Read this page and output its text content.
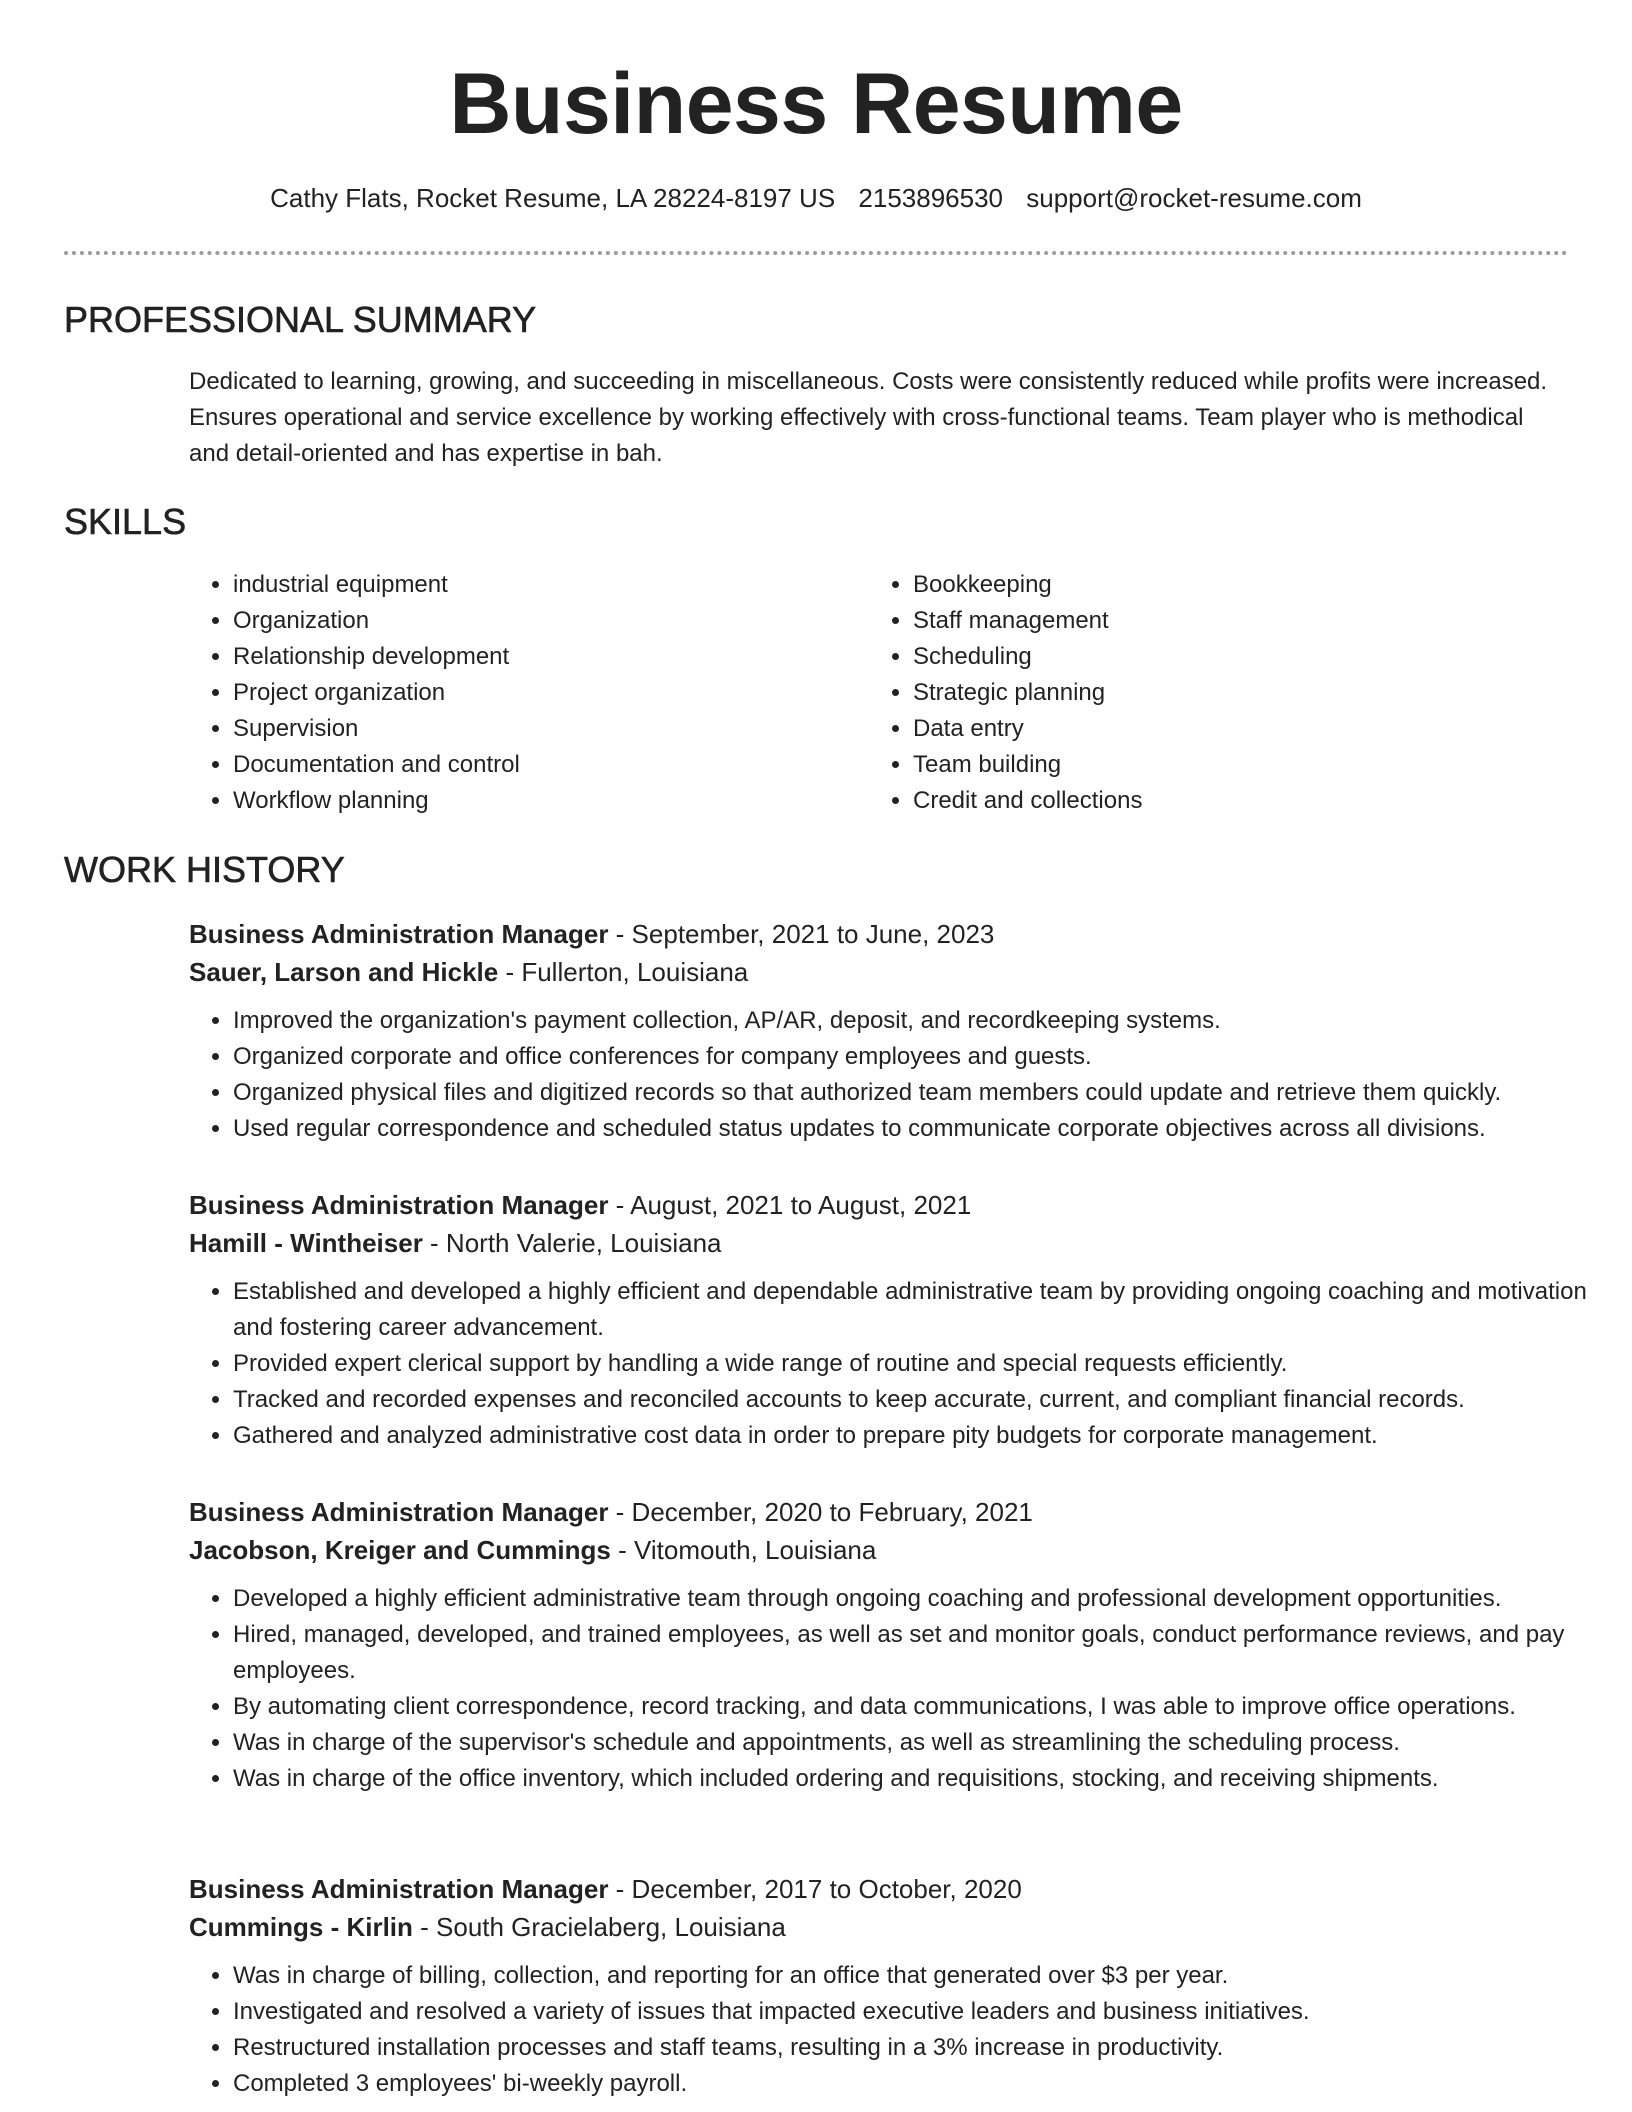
Business Resume
Cathy Flats, Rocket Resume, LA 28224-8197 US 2153896530 support@rocket-resume.com
PROFESSIONAL SUMMARY

Dedicated to learning, growing, and succeeding in miscellaneous. Costs were consistently reduced while profits were increased. Ensures operational and service excellence by working effectively with cross-functional teams. Team player who is methodical and detail-oriented and has expertise in bah.

SKILLS
• industrial equipment
• Organization
• Relationship development
• Project organization
• Supervision
• Documentation and control
• Workflow planning
• Bookkeeping
• Staff management
• Scheduling
• Strategic planning
• Data entry
• Team building
• Credit and collections
WORK HISTORY
Business Administration Manager - September, 2021 to June, 2023
Sauer, Larson and Hickle - Fullerton, Louisiana
• Improved the organization's payment collection, AP/AR, deposit, and recordkeeping systems.
• Organized corporate and office conferences for company employees and guests.
• Organized physical files and digitized records so that authorized team members could update and retrieve them quickly.
• Used regular correspondence and scheduled status updates to communicate corporate objectives across all divisions.
Business Administration Manager - August, 2021 to August, 2021
Hamill - Wintheiser - North Valerie, Louisiana
• Established and developed a highly efficient and dependable administrative team by providing ongoing coaching and motivation and fostering career advancement.
• Provided expert clerical support by handling a wide range of routine and special requests efficiently.
• Tracked and recorded expenses and reconciled accounts to keep accurate, current, and compliant financial records.
• Gathered and analyzed administrative cost data in order to prepare pity budgets for corporate management.
Business Administration Manager - December, 2020 to February, 2021
Jacobson, Kreiger and Cummings - Vitomouth, Louisiana
• Developed a highly efficient administrative team through ongoing coaching and professional development opportunities.
• Hired, managed, developed, and trained employees, as well as set and monitor goals, conduct performance reviews, and pay employees.
• By automating client correspondence, record tracking, and data communications, I was able to improve office operations.
• Was in charge of the supervisor's schedule and appointments, as well as streamlining the scheduling process.
• Was in charge of the office inventory, which included ordering and requisitions, stocking, and receiving shipments.
Business Administration Manager - December, 2017 to October, 2020
Cummings - Kirlin - South Gracielaberg, Louisiana
• Was in charge of billing, collection, and reporting for an office that generated over $3 per year.
• Investigated and resolved a variety of issues that impacted executive leaders and business initiatives.
• Restructured installation processes and staff teams, resulting in a 3% increase in productivity.
• Completed 3 employees' bi-weekly payroll.
